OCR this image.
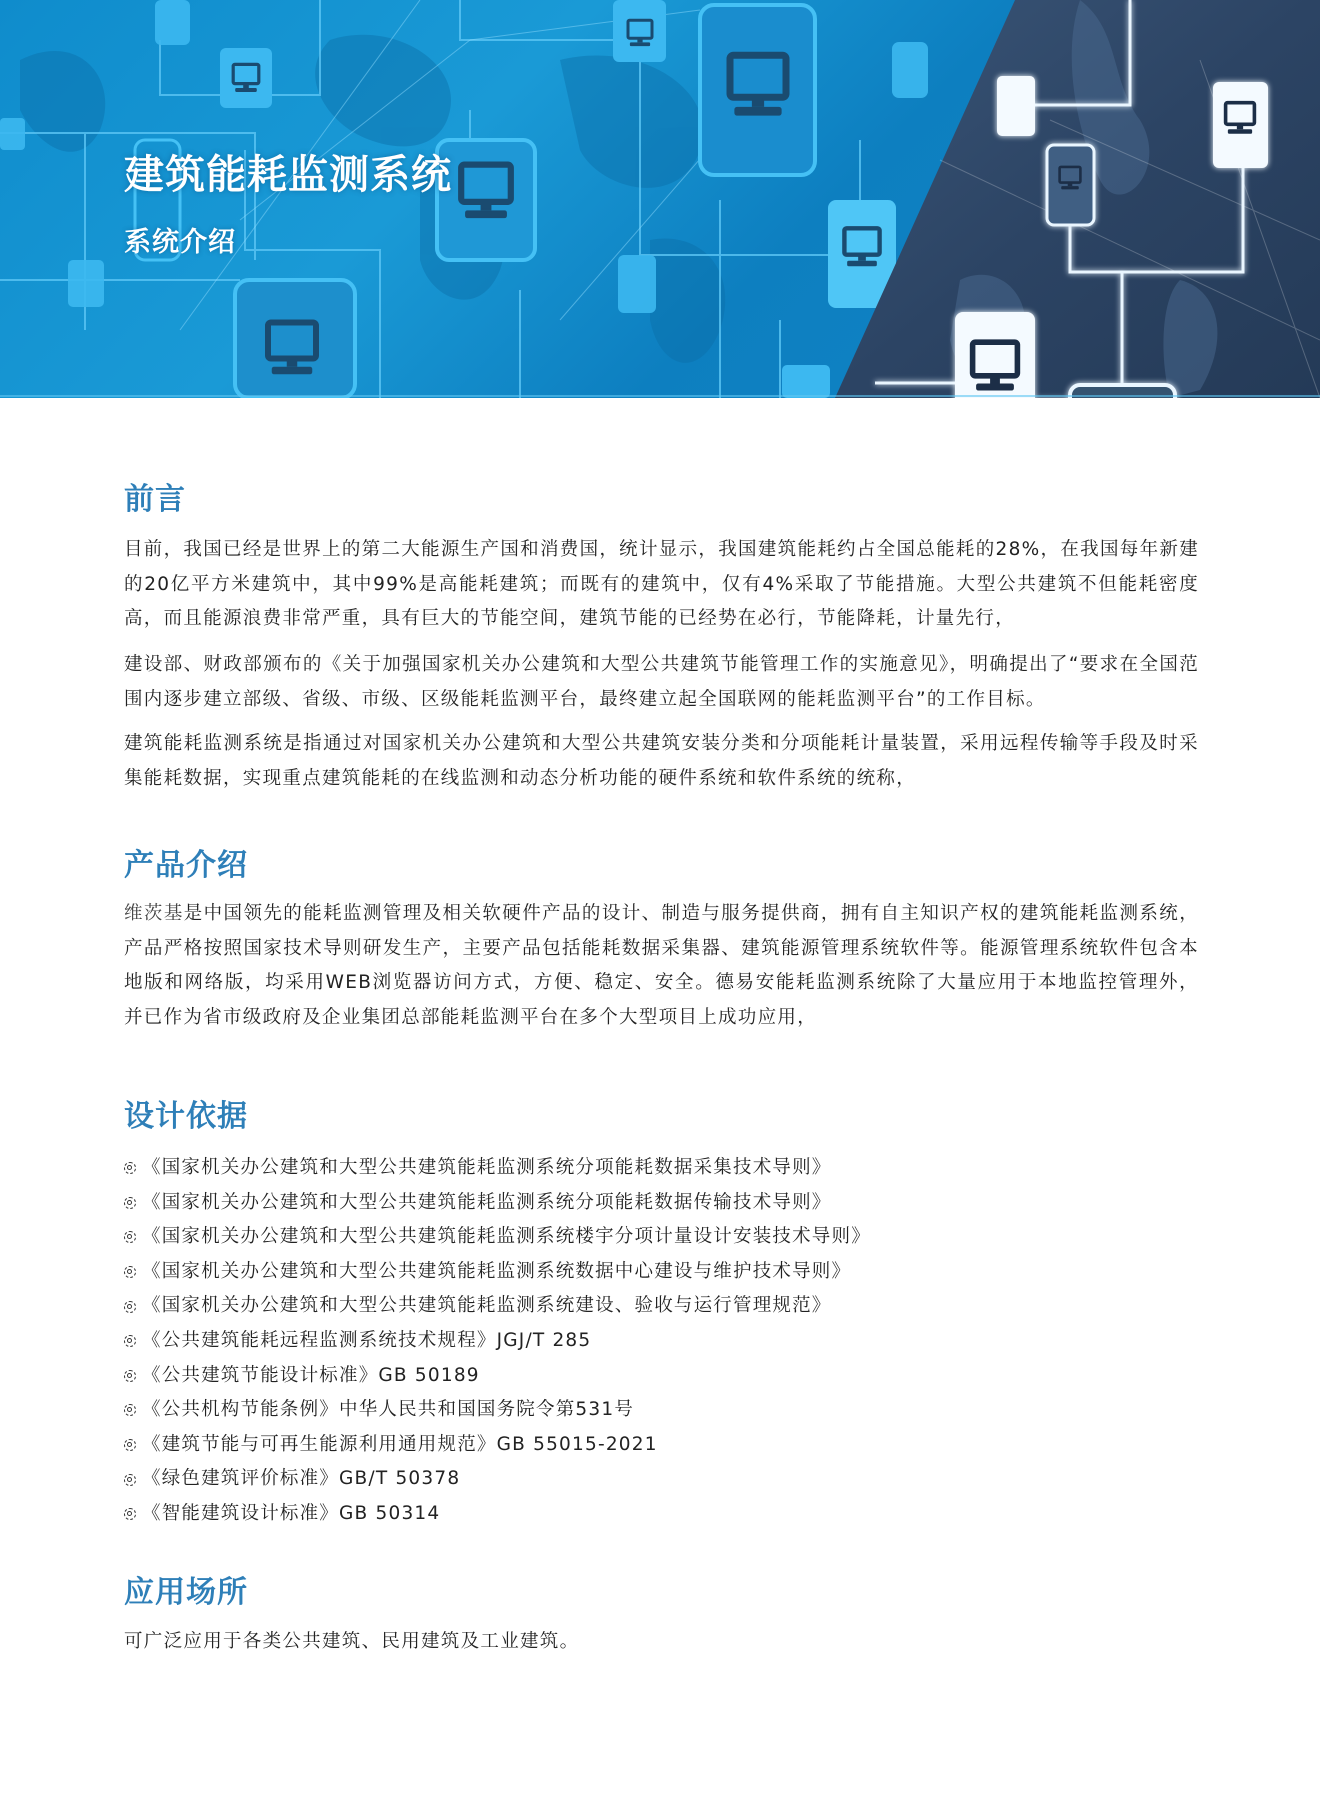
建筑能耗监测系统
系统介绍
前言

目前，我国已经是世界上的第二大能源生产国和消费国，统计显示，我国建筑能耗约占全国总能耗的28%，在我国每年新建的20亿平方米建筑中，其中99%是高能耗建筑；而既有的建筑中，仅有4%采取了节能措施。大型公共建筑不但能耗密度高，而且能源浪费非常严重，具有巨大的节能空间，建筑节能的已经势在必行，节能降耗，计量先行，

建设部、财政部颁布的《关于加强国家机关办公建筑和大型公共建筑节能管理工作的实施意见》，明确提出了“要求在全国范围内逐步建立部级、省级、市级、区级能耗监测平台，最终建立起全国联网的能耗监测平台”的工作目标。

建筑能耗监测系统是指通过对国家机关办公建筑和大型公共建筑安装分类和分项能耗计量装置，采用远程传输等手段及时采集能耗数据，实现重点建筑能耗的在线监测和动态分析功能的硬件系统和软件系统的统称，

产品介绍

维茨基是中国领先的能耗监测管理及相关软硬件产品的设计、制造与服务提供商，拥有自主知识产权的建筑能耗监测系统，产品严格按照国家技术导则研发生产，主要产品包括能耗数据采集器、建筑能源管理系统软件等。能源管理系统软件包含本地版和网络版，均采用WEB浏览器访问方式，方便、稳定、安全。德易安能耗监测系统除了大量应用于本地监控管理外，并已作为省市级政府及企业集团总部能耗监测平台在多个大型项目上成功应用，

设计依据
《国家机关办公建筑和大型公共建筑能耗监测系统分项能耗数据采集技术导则》
《国家机关办公建筑和大型公共建筑能耗监测系统分项能耗数据传输技术导则》
《国家机关办公建筑和大型公共建筑能耗监测系统楼宇分项计量设计安装技术导则》
《国家机关办公建筑和大型公共建筑能耗监测系统数据中心建设与维护技术导则》
《国家机关办公建筑和大型公共建筑能耗监测系统建设、验收与运行管理规范》
《公共建筑能耗远程监测系统技术规程》JGJ/T 285
《公共建筑节能设计标准》GB 50189
《公共机构节能条例》中华人民共和国国务院令第531号
《建筑节能与可再生能源利用通用规范》GB 55015-2021
《绿色建筑评价标准》GB/T 50378
《智能建筑设计标准》GB 50314
应用场所

可广泛应用于各类公共建筑、民用建筑及工业建筑。
